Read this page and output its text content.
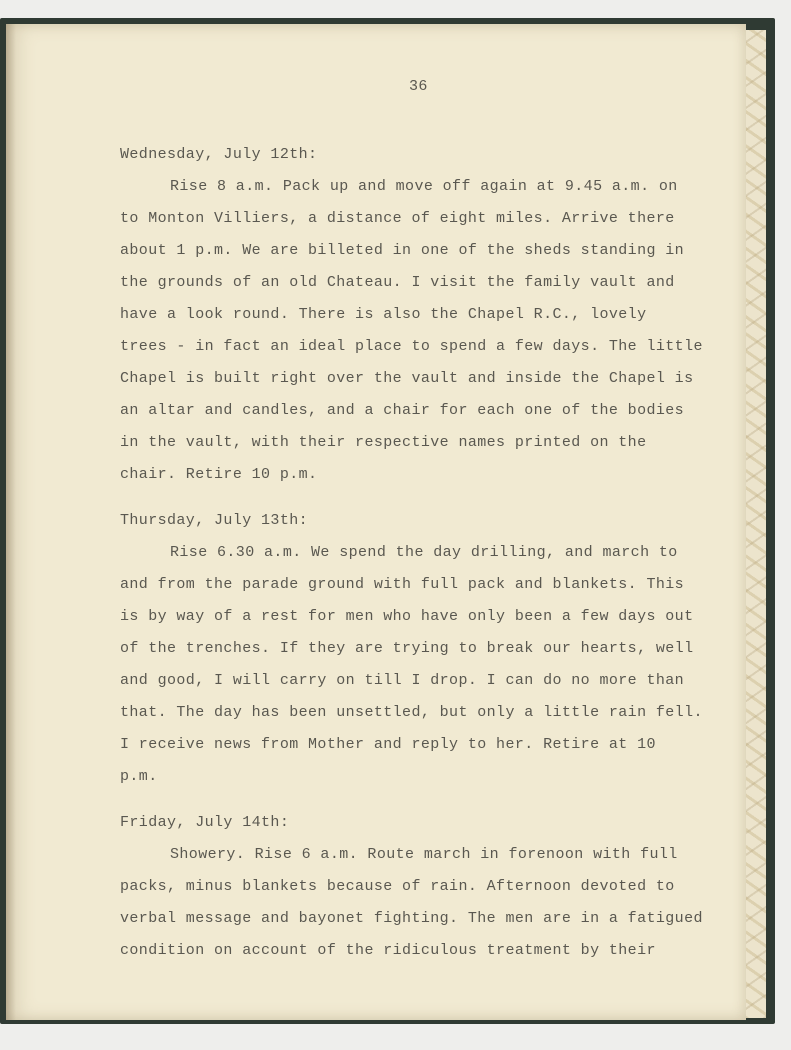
36
Wednesday, July 12th:
Rise 8 a.m. Pack up and move off again at 9.45 a.m. on
to Monton Villiers, a distance of eight miles. Arrive there
about 1 p.m. We are billeted in one of the sheds standing in
the grounds of an old Chateau. I visit the family vault and
have a look round. There is also the Chapel R.C., lovely
trees - in fact an ideal place to spend a few days. The little
Chapel is built right over the vault and inside the Chapel is
an altar and candles, and a chair for each one of the bodies
in the vault, with their respective names printed on the
chair. Retire 10 p.m.
Thursday, July 13th:
Rise 6.30 a.m. We spend the day drilling, and march to
and from the parade ground with full pack and blankets. This
is by way of a rest for men who have only been a few days out
of the trenches. If they are trying to break our hearts, well
and good, I will carry on till I drop. I can do no more than
that. The day has been unsettled, but only a little rain fell.
I receive news from Mother and reply to her. Retire at 10
p.m.
Friday, July 14th:
Showery. Rise 6 a.m. Route march in forenoon with full
packs, minus blankets because of rain. Afternoon devoted to
verbal message and bayonet fighting. The men are in a fatigued
condition on account of the ridiculous treatment by their
